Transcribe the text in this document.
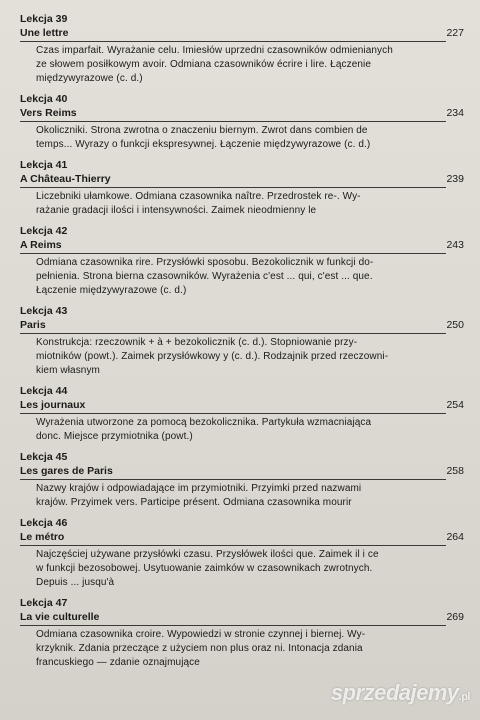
Lekcja 39
Une lettre	227
Czas imparfait. Wyrażanie celu. Imiesłów uprzedni czasowników odmienianych
ze słowem posiłkowym avoir. Odmiana czasowników écrire i lire. Łączenie
międzywyrazowe (c. d.)
Lekcja 40
Vers Reims	234
Okoliczniki. Strona zwrotna o znaczeniu biernym. Zwrot dans combien de
temps... Wyrazy o funkcji ekspresywnej. Łączenie międzywyrazowe (c. d.)
Lekcja 41
A Château-Thierry	239
Liczebniki ułamkowe. Odmiana czasownika naître. Przedrostek re-. Wy-
rażanie gradacji ilości i intensywności. Zaimek nieodmienny le
Lekcja 42
A Reims	243
Odmiana czasownika rire. Przysłówki sposobu. Bezokolicznik w funkcji do-
pełnienia. Strona bierna czasowników. Wyrażenia c'est ... qui, c'est ... que.
Łączenie międzywyrazowe (c. d.)
Lekcja 43
Paris	250
Konstrukcja: rzeczownik + à + bezokolicznik (c. d.). Stopniowanie przy-
miotników (powt.). Zaimek przysłówkowy y (c. d.). Rodzajnik przed rzeczowni-
kiem własnym
Lekcja 44
Les journaux	254
Wyrażenia utworzone za pomocą bezokolicznika. Partykuła wzmacniająca
donc. Miejsce przymiotnika (powt.)
Lekcja 45
Les gares de Paris	258
Nazwy krajów i odpowiadające im przymiotniki. Przyimki przed nazwami
krajów. Przyimek vers. Participe présent. Odmiana czasownika mourir
Lekcja 46
Le métro	264
Najczęściej używane przysłówki czasu. Przysłówek ilości que. Zaimek il i ce
w funkcji bezosobowej. Usytuowanie zaimków w czasownikach zwrotnych.
Depuis ... jusqu'à
Lekcja 47
La vie culturelle	269
Odmiana czasownika croire. Wypowiedzi w stronie czynnej i biernej. Wy-
krzyknik. Zdania przeczące z użyciem non plus oraz ni. Intonacja zdania
francuskiego — zdanie oznajmujące
sprzedajemy.pl
